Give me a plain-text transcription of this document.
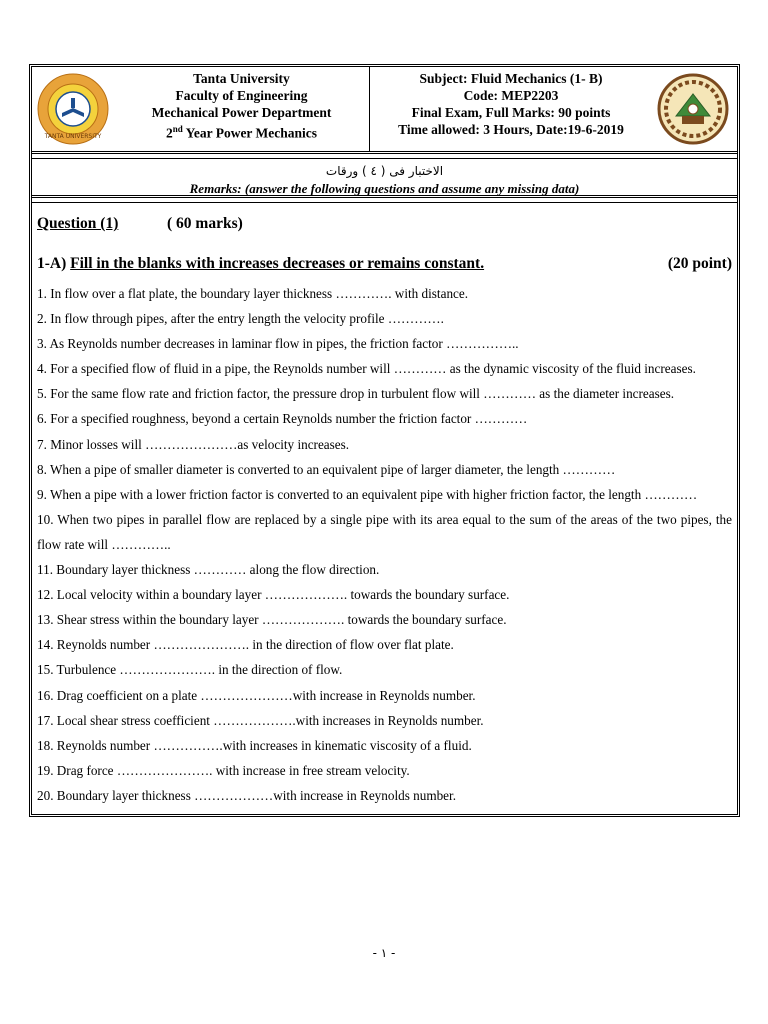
TANTA UNIVERSITY
Tanta University
Faculty of Engineering
Mechanical Power Department
2nd Year Power Mechanics
Subject: Fluid Mechanics (1- B)
Code: MEP2203
Final Exam, Full Marks: 90 points
Time allowed: 3 Hours, Date:19-6-2019
الاختبار فى ( ٤ ) ورقات
Remarks: (answer the following questions and assume any missing data)
Question (1)	( 60 marks)
1-A) Fill in the blanks with increases decreases or remains constant.	(20 point)
1. In flow over a flat plate, the boundary layer thickness …………. with distance.
2. In flow through pipes, after the entry length the velocity profile ………….
3. As Reynolds number decreases in laminar flow in pipes, the friction factor ……………..
4. For a specified flow of fluid in a pipe, the Reynolds number will ………… as the dynamic viscosity of the fluid increases.
5. For the same flow rate and friction factor, the pressure drop in turbulent flow will ………… as the diameter increases.
6. For a specified roughness, beyond a certain Reynolds number the friction factor …………
7. Minor losses will …………………as velocity increases.
8. When a pipe of smaller diameter is converted to an equivalent pipe of larger diameter, the length …………
9. When a pipe with a lower friction factor is converted to an equivalent pipe with higher friction factor, the length …………
10. When two pipes in parallel flow are replaced by a single pipe with its area equal to the sum of the areas of the two pipes, the flow rate will …………..
11. Boundary layer thickness ………… along the flow direction.
12. Local velocity within a boundary layer ………………. towards the boundary surface.
13. Shear stress within the boundary layer ………………. towards the boundary surface.
14. Reynolds number …………………. in the direction of flow over flat plate.
15. Turbulence …………………. in the direction of flow.
16. Drag coefficient on a plate …………………with increase in Reynolds number.
17. Local shear stress coefficient ……………….with increases in Reynolds number.
18. Reynolds number …………….with increases in kinematic viscosity of a fluid.
19. Drag force …………………. with increase in free stream velocity.
20. Boundary layer thickness ………………with increase in Reynolds number.
- ١ -
